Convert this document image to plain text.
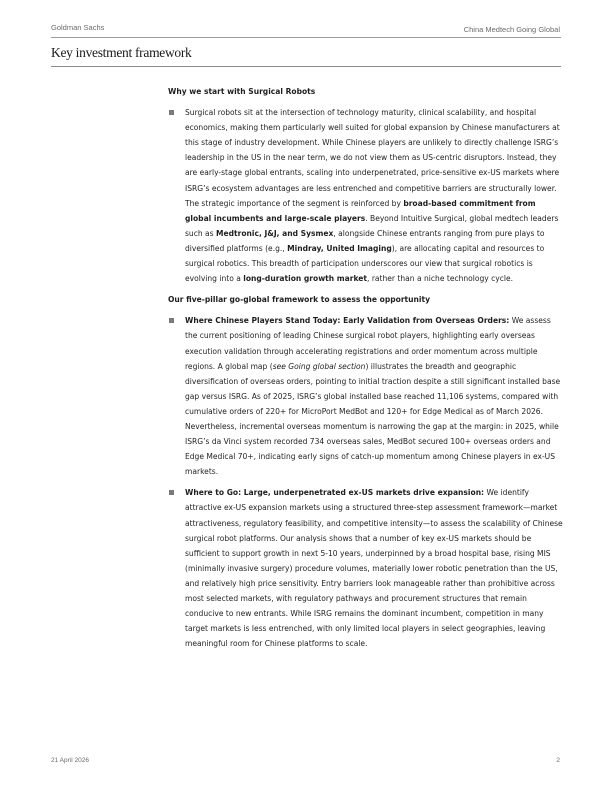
Goldman Sachs	China Medtech Going Global
Key investment framework

Why we start with Surgical Robots

Surgical robots sit at the intersection of technology maturity, clinical scalability, and hospital economics, making them particularly well suited for global expansion by Chinese manufacturers at this stage of industry development. While Chinese players are unlikely to directly challenge ISRG’s leadership in the US in the near term, we do not view them as US-centric disruptors. Instead, they are early-stage global entrants, scaling into underpenetrated, price-sensitive ex-US markets where ISRG’s ecosystem advantages are less entrenched and competitive barriers are structurally lower. The strategic importance of the segment is reinforced by broad-based commitment from global incumbents and large-scale players. Beyond Intuitive Surgical, global medtech leaders such as Medtronic, J&J, and Sysmex, alongside Chinese entrants ranging from pure plays to diversified platforms (e.g., Mindray, United Imaging), are allocating capital and resources to surgical robotics. This breadth of participation underscores our view that surgical robotics is evolving into a long-duration growth market, rather than a niche technology cycle.

Our five-pillar go-global framework to assess the opportunity

Where Chinese Players Stand Today: Early Validation from Overseas Orders: We assess the current positioning of leading Chinese surgical robot players, highlighting early overseas execution validation through accelerating registrations and order momentum across multiple regions. A global map (see Going global section) illustrates the breadth and geographic diversification of overseas orders, pointing to initial traction despite a still significant installed base gap versus ISRG. As of 2025, ISRG’s global installed base reached 11,106 systems, compared with cumulative orders of 220+ for MicroPort MedBot and 120+ for Edge Medical as of March 2026. Nevertheless, incremental overseas momentum is narrowing the gap at the margin: in 2025, while ISRG’s da Vinci system recorded 734 overseas sales, MedBot secured 100+ overseas orders and Edge Medical 70+, indicating early signs of catch-up momentum among Chinese players in ex-US markets.
Where to Go: Large, underpenetrated ex-US markets drive expansion: We identify attractive ex-US expansion markets using a structured three-step assessment framework—market attractiveness, regulatory feasibility, and competitive intensity—to assess the scalability of Chinese surgical robot platforms. Our analysis shows that a number of key ex-US markets should be sufficient to support growth in next 5-10 years, underpinned by a broad hospital base, rising MIS (minimally invasive surgery) procedure volumes, materially lower robotic penetration than the US, and relatively high price sensitivity. Entry barriers look manageable rather than prohibitive across most selected markets, with regulatory pathways and procurement structures that remain conducive to new entrants. While ISRG remains the dominant incumbent, competition in many target markets is less entrenched, with only limited local players in select geographies, leaving meaningful room for Chinese platforms to scale.
21 April 2026	2
